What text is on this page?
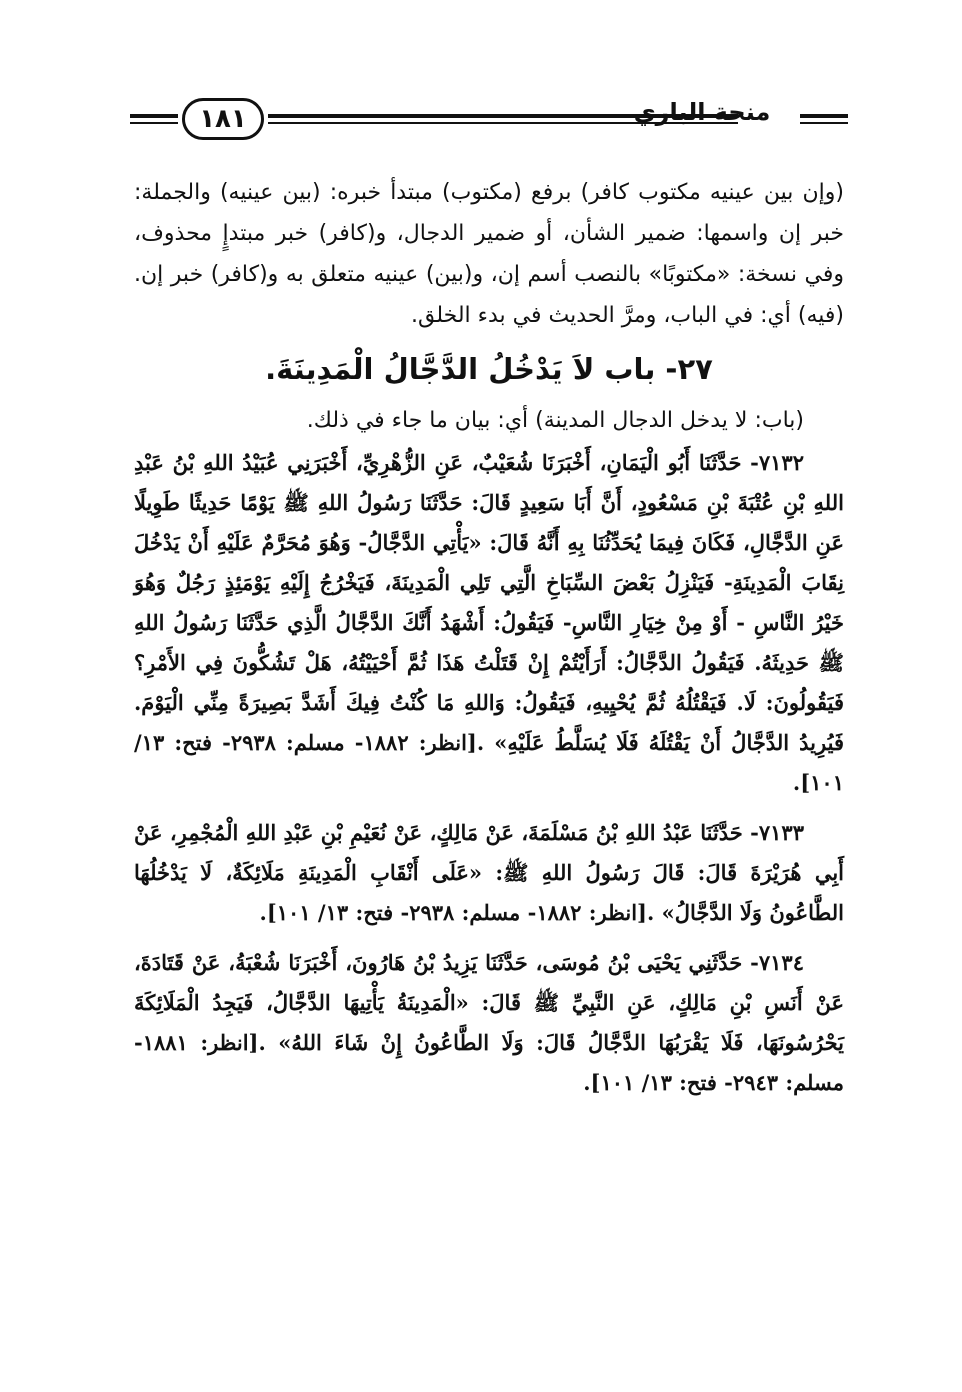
١٨١	منحة الباري

(وإن بين عينيه مكتوب كافر) برفع (مكتوب) مبتدأ خبره: (بين عينيه) والجملة: خبر إن واسمها: ضمير الشأن، أو ضمير الدجال، و(كافر) خبر مبتدإٍ محذوف، وفي نسخة: «مكتوبًا» بالنصب أسم إن، و(بين) عينيه متعلق به و(كافر) خبر إن. (فيه) أي: في الباب، ومرَّ الحديث في بدء الخلق.

٢٧- باب لاَ يَدْخُلُ الدَّجَّالُ الْمَدِينَةَ.

(باب: لا يدخل الدجال المدينة) أي: بيان ما جاء في ذلك.

٧١٣٢- حَدَّثَنَا أَبُو الْيَمَانِ، أَخْبَرَنَا شُعَيْبٌ، عَنِ الزُّهْرِيِّ، أَخْبَرَنِي عُبَيْدُ اللهِ بْنُ عَبْدِ اللهِ بْنِ عُتْبَةَ بْنِ مَسْعُودٍ، أَنَّ أَبَا سَعِيدٍ قَالَ: حَدَّثَنَا رَسُولُ اللهِ ﷺ يَوْمًا حَدِيثًا طَوِيلًا عَنِ الدَّجَّالِ، فَكَانَ فِيمَا يُحَدِّثُنَا بِهِ أَنَّهُ قَالَ: «يَأْتِي الدَّجَّالُ- وَهُوَ مُحَرَّمٌ عَلَيْهِ أَنْ يَدْخُلَ نِقَابَ الْمَدِينَةِ- فَيَنْزِلُ بَعْضَ السِّبَاخِ الَّتِي تَلِي الْمَدِينَةَ، فَيَخْرُجُ إِلَيْهِ يَوْمَئِذٍ رَجُلٌ وَهُوَ خَيْرُ النَّاسِ - أَوْ مِنْ خِيَارِ النَّاسِ- فَيَقُولُ: أَشْهَدُ أَنَّكَ الدَّجَّالُ الَّذِي حَدَّثَنَا رَسُولُ اللهِ ﷺ حَدِيثَهُ. فَيَقُولُ الدَّجَّالُ: أَرَأَيْتُمْ إِنْ قَتَلْتُ هَذَا ثُمَّ أَحْيَيْتُهُ، هَلْ تَشُكُّونَ فِي الأَمْرِ؟ فَيَقُولُونَ: لَا. فَيَقْتُلُهُ ثُمَّ يُحْيِيهِ، فَيَقُولُ: وَاللهِ مَا كُنْتُ فِيكَ أَشَدَّ بَصِيرَةً مِنِّي الْيَوْمَ. فَيُرِيدُ الدَّجَّالُ أَنْ يَقْتُلَهُ فَلَا يُسَلَّطُ عَلَيْهِ» .[انظر: ١٨٨٢- مسلم: ٢٩٣٨- فتح: ١٣/ ١٠١].

٧١٣٣- حَدَّثَنَا عَبْدُ اللهِ بْنُ مَسْلَمَةَ، عَنْ مَالِكٍ، عَنْ نُعَيْمِ بْنِ عَبْدِ اللهِ الْمُجْمِرِ، عَنْ أَبِي هُرَيْرَةَ قَالَ: قَالَ رَسُولُ اللهِ ﷺ: «عَلَى أَنْقَابِ الْمَدِينَةِ مَلَائِكَةٌ، لَا يَدْخُلُهَا الطَّاعُونُ وَلَا الدَّجَّالُ» .[انظر: ١٨٨٢- مسلم: ٢٩٣٨- فتح: ١٣/ ١٠١].

٧١٣٤- حَدَّثَنِي يَحْيَى بْنُ مُوسَى، حَدَّثَنَا يَزِيدُ بْنُ هَارُونَ، أَخْبَرَنَا شُعْبَةُ، عَنْ قَتَادَةَ، عَنْ أَنَسِ بْنِ مَالِكٍ، عَنِ النَّبِيِّ ﷺ قَالَ: «الْمَدِينَةُ يَأْتِيهَا الدَّجَّالُ، فَيَجِدُ الْمَلَائِكَةَ يَحْرُسُونَهَا، فَلَا يَقْرَبُهَا الدَّجَّالُ قَالَ: وَلَا الطَّاعُونُ إِنْ شَاءَ اللهُ» .[انظر: ١٨٨١- مسلم: ٢٩٤٣- فتح: ١٣/ ١٠١].
